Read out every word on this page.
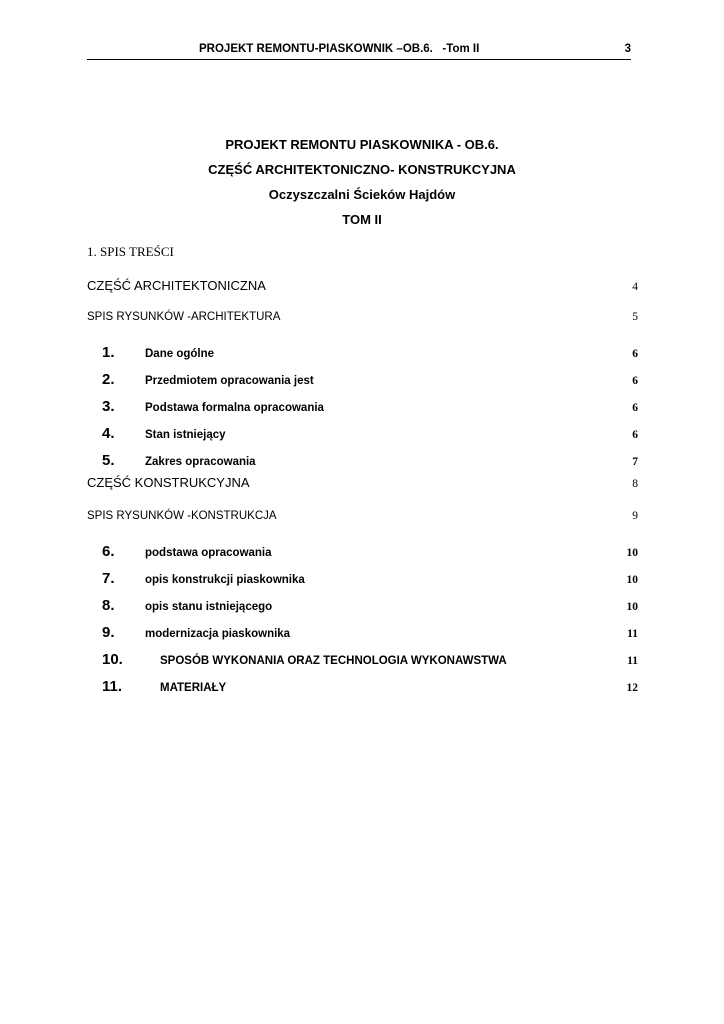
PROJEKT REMONTU-PIASKOWNIK –OB.6.   -Tom II	3
PROJEKT REMONTU PIASKOWNIKA - OB.6.
CZĘŚĆ ARCHITEKTONICZNO- KONSTRUKCYJNA
Oczyszczalni Ścieków Hajdów
TOM II
1. SPIS TREŚCI
CZĘŚĆ ARCHITEKTONICZNA	4
SPIS RYSUNKÓW -ARCHITEKTURA	5
1.	Dane ogólne	6
2.	Przedmiotem opracowania jest	6
3.	Podstawa formalna opracowania	6
4.	Stan istniejący	6
5.	Zakres opracowania	7
CZĘŚĆ KONSTRUKCYJNA	8
SPIS RYSUNKÓW -KONSTRUKCJA	9
6.	podstawa opracowania	10
7.	opis konstrukcji piaskownika	10
8.	opis stanu istniejącego	10
9.	modernizacja piaskownika	11
10.	SPOSÓB WYKONANIA ORAZ TECHNOLOGIA WYKONAWSTWA	11
11.	MATERIAŁY	12
